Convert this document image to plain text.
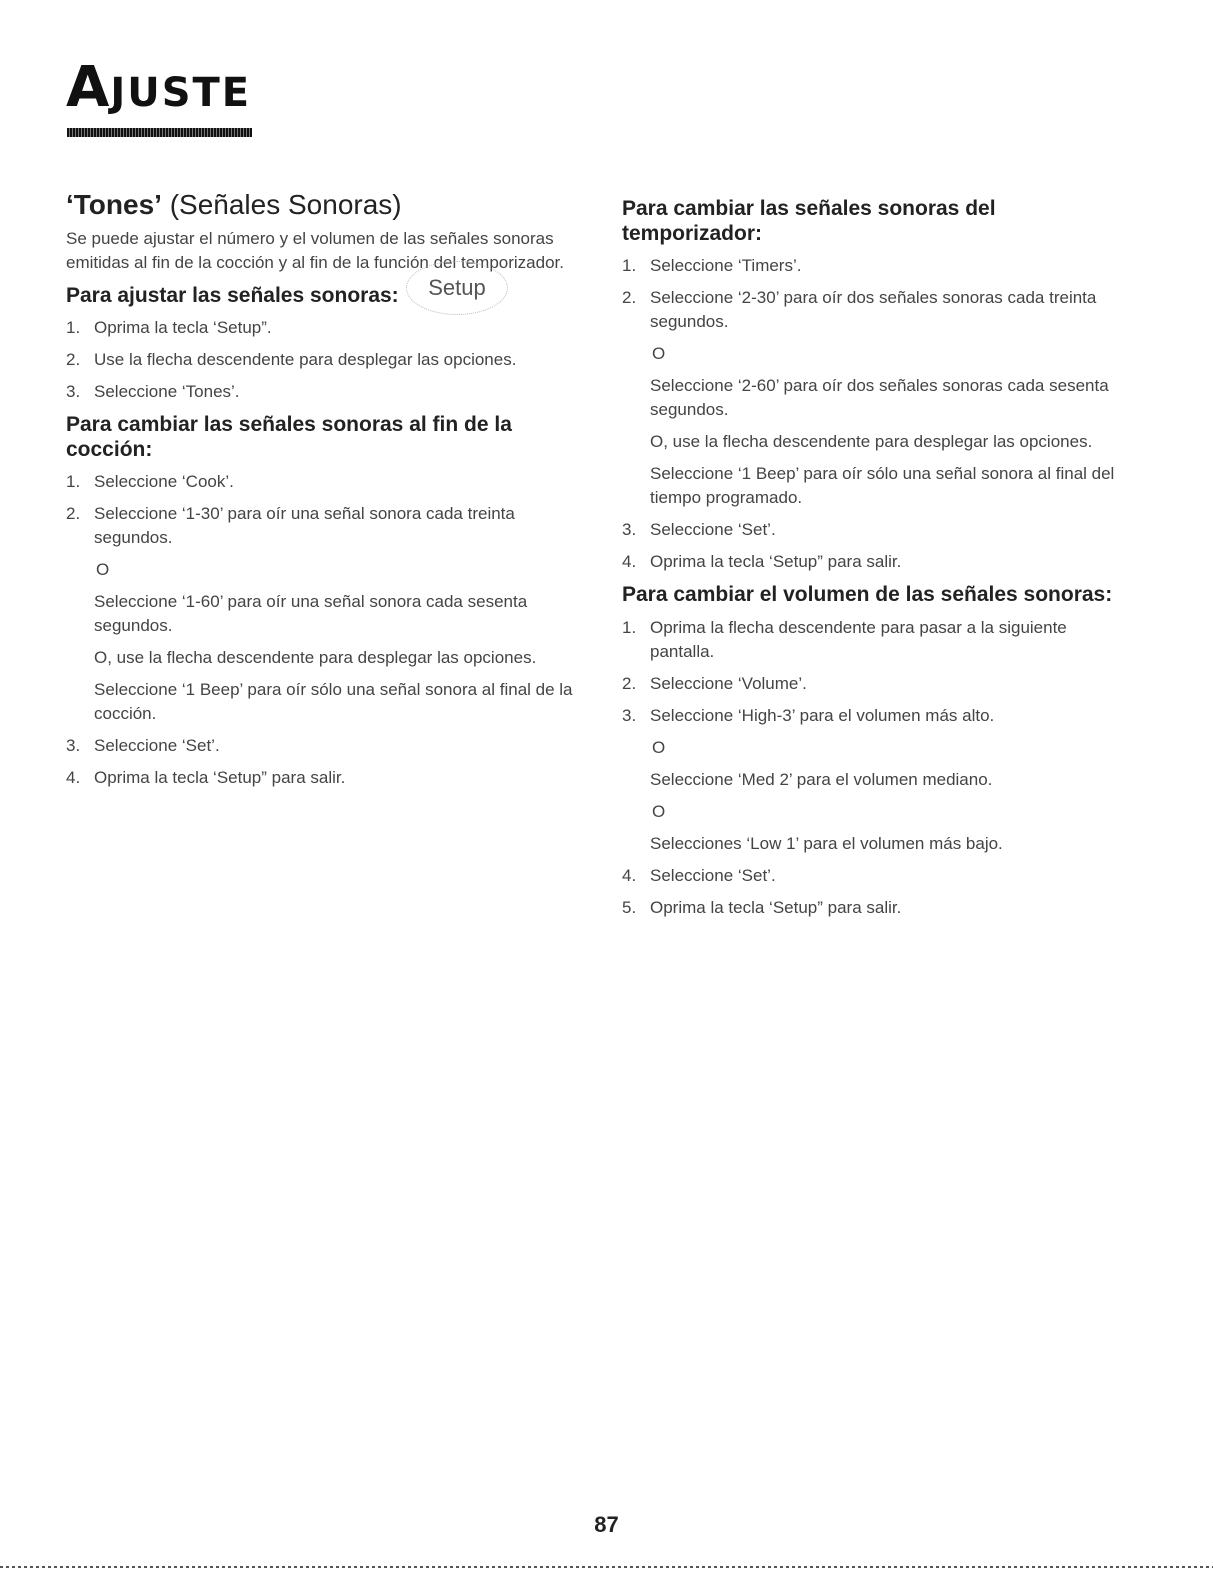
AJUSTE
‘Tones’ (Señales Sonoras)

Se puede ajustar el número y el volumen de las señales sonoras emitidas al fin de la cocción y al fin de la función del temporizador.

Para ajustar las señales sonoras:	Setup
1. Oprima la tecla ‘Setup”.
2. Use la flecha descendente para desplegar las opciones.
3. Seleccione ‘Tones’.
Para cambiar las señales sonoras al fin de la cocción:
1. Seleccione ‘Cook’.
2. Seleccione ‘1-30’ para oír una señal sonora cada treinta segundos.
O
Seleccione ‘1-60’ para oír una señal sonora cada sesenta segundos.
O, use la flecha descendente para desplegar las opciones.
Seleccione ‘1 Beep’ para oír sólo una señal sonora al final de la cocción.
3. Seleccione ‘Set’.
4. Oprima la tecla ‘Setup” para salir.
Para cambiar las señales sonoras del temporizador:
1. Seleccione ‘Timers’.
2. Seleccione ‘2-30’ para oír dos señales sonoras cada treinta segundos.
O
Seleccione ‘2-60’ para oír dos señales sonoras cada sesenta segundos.
O, use la flecha descendente para desplegar las opciones.
Seleccione ‘1 Beep’ para oír sólo una señal sonora al final del tiempo programado.
3. Seleccione ‘Set’.
4. Oprima la tecla ‘Setup” para salir.
Para cambiar el volumen de las señales sonoras:
1. Oprima la flecha descendente para pasar a la siguiente pantalla.
2. Seleccione ‘Volume’.
3. Seleccione ‘High-3’ para el volumen más alto.
O
Seleccione ‘Med 2’ para el volumen mediano.
O
Selecciones ‘Low 1’ para el volumen más bajo.
4. Seleccione ‘Set’.
5. Oprima la tecla ‘Setup” para salir.
87
